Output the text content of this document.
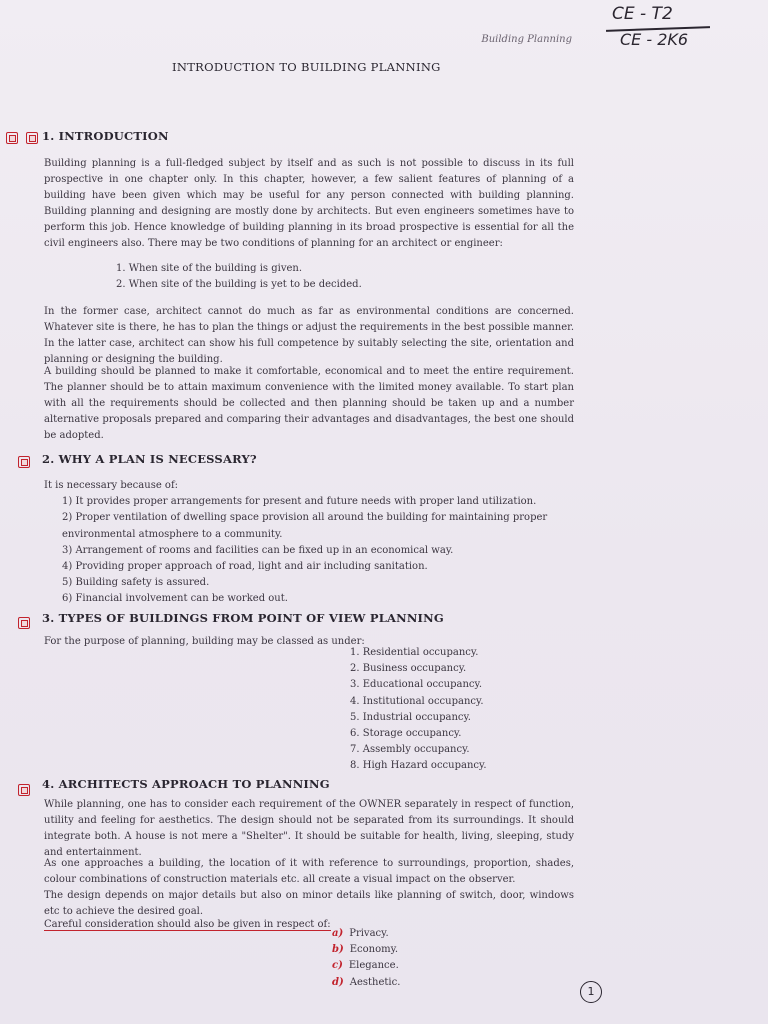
CE - T2
CE - 2K6
Building Planning
INTRODUCTION TO BUILDING PLANNING
1. INTRODUCTION
Building planning is a full-fledged subject by itself and as such is not possible to discuss in its full prospective in one chapter only. In this chapter, however, a few salient features of planning of a building have been given which may be useful for any person connected with building planning. Building planning and designing are mostly done by architects. But even engineers sometimes have to perform this job. Hence knowledge of building planning in its broad prospective is essential for all the civil engineers also. There may be two conditions of planning for an architect or engineer:
1. When site of the building is given.
2. When site of the building is yet to be decided.
In the former case, architect cannot do much as far as environmental conditions are concerned. Whatever site is there, he has to plan the things or adjust the requirements in the best possible manner. In the latter case, architect can show his full competence by suitably selecting the site, orientation and planning or designing the building.
A building should be planned to make it comfortable, economical and to meet the entire requirement. The planner should be to attain maximum convenience with the limited money available. To start plan with all the requirements should be collected and then planning should be taken up and a number alternative proposals prepared and comparing their advantages and disadvantages, the best one should be adopted.
2. WHY A PLAN IS NECESSARY?
It is necessary because of:
1) It provides proper arrangements for present and future needs with proper land utilization.
2) Proper ventilation of dwelling space provision all around the building for maintaining proper
environmental atmosphere to a community.
3) Arrangement of rooms and facilities can be fixed up in an economical way.
4) Providing proper approach of road, light and air including sanitation.
5) Building safety is assured.
6) Financial involvement can be worked out.
3. TYPES OF BUILDINGS FROM POINT OF VIEW PLANNING
For the purpose of planning, building may be classed as under:
1. Residential occupancy.
2. Business occupancy.
3. Educational occupancy.
4. Institutional occupancy.
5. Industrial occupancy.
6. Storage occupancy.
7. Assembly occupancy.
8. High Hazard occupancy.
4. ARCHITECTS APPROACH TO PLANNING
While planning, one has to consider each requirement of the OWNER separately in respect of function, utility and feeling for aesthetics. The design should not be separated from its surroundings. It should integrate both. A house is not mere a "Shelter". It should be suitable for health, living, sleeping, study and entertainment.
As one approaches a building, the location of it with reference to surroundings, proportion, shades, colour combinations of construction materials etc. all create a visual impact on the observer.
The design depends on major details but also on minor details like planning of switch, door, windows etc to achieve the desired goal.
Careful consideration should also be given in respect of:
a) Privacy.
b) Economy.
c) Elegance.
d) Aesthetic.
1
